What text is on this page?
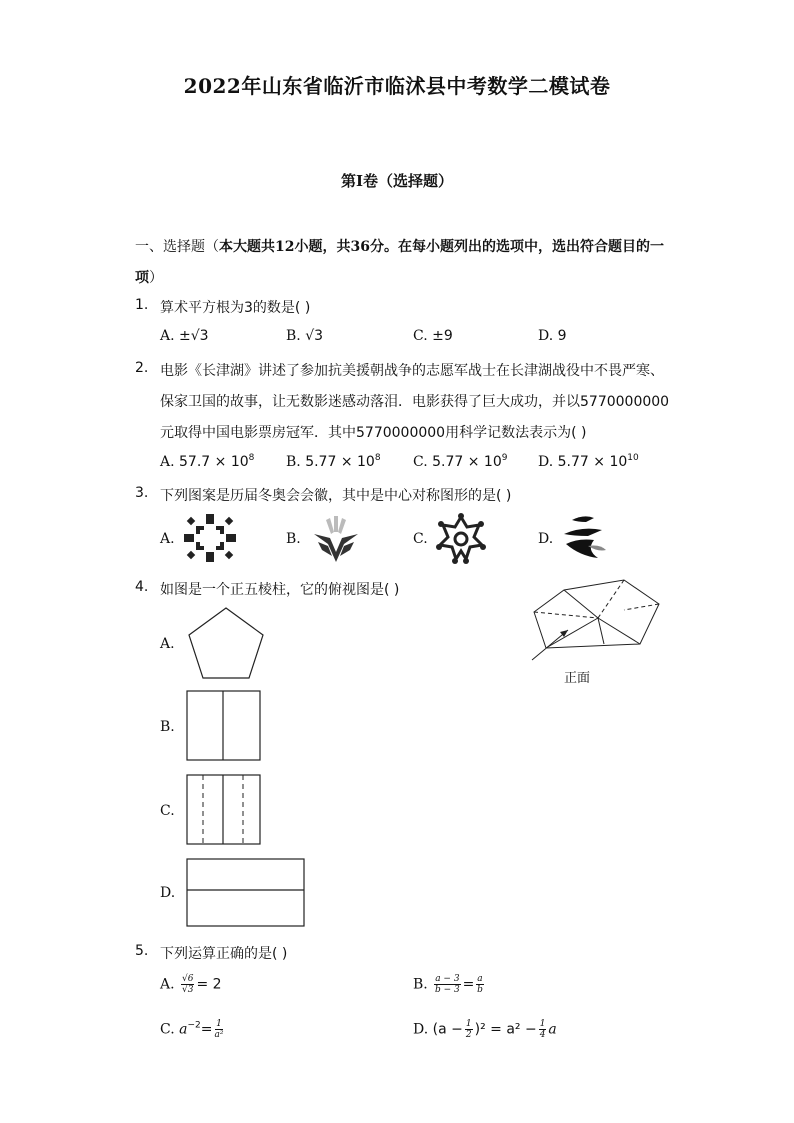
2022年山东省临沂市临沭县中考数学二模试卷
第I卷（选择题）
一、选择题（本大题共12小题，共36分。在每小题列出的选项中，选出符合题目的一项）
1. 算术平方根为3的数是( )
A. ±√3	B. √3	C. ±9	D. 9
2. 电影《长津湖》讲述了参加抗美援朝战争的志愿军战士在长津湖战役中不畏严寒、
保家卫国的故事，让无数影迷感动落泪．电影获得了巨大成功，并以5770000000
元取得中国电影票房冠军．其中5770000000用科学记数法表示为( )
A. $57.7 \times 10^8$ B. $5.77 \times 10^8$ C. $5.77 \times 10^9$ D. $5.77 \times 10^{10}$
3. 下列图案是历届冬奥会会徽，其中是中心对称图形的是( )
A.	B.	C.	D.
4. 如图是一个正五棱柱，它的俯视图是( )
正面
A.
B.
C.
D.
5. 下列运算正确的是( )
A. $\frac{√6}{√3} = 2$	B. $\frac{a - 3}{b - 3} = \frac{a}{b}$
C. $a^{-2}= \frac{1}{\text{a²}}$	D. $(a - \frac{1}{2} )^2 = a^2 - \frac{1}{4}$ a
